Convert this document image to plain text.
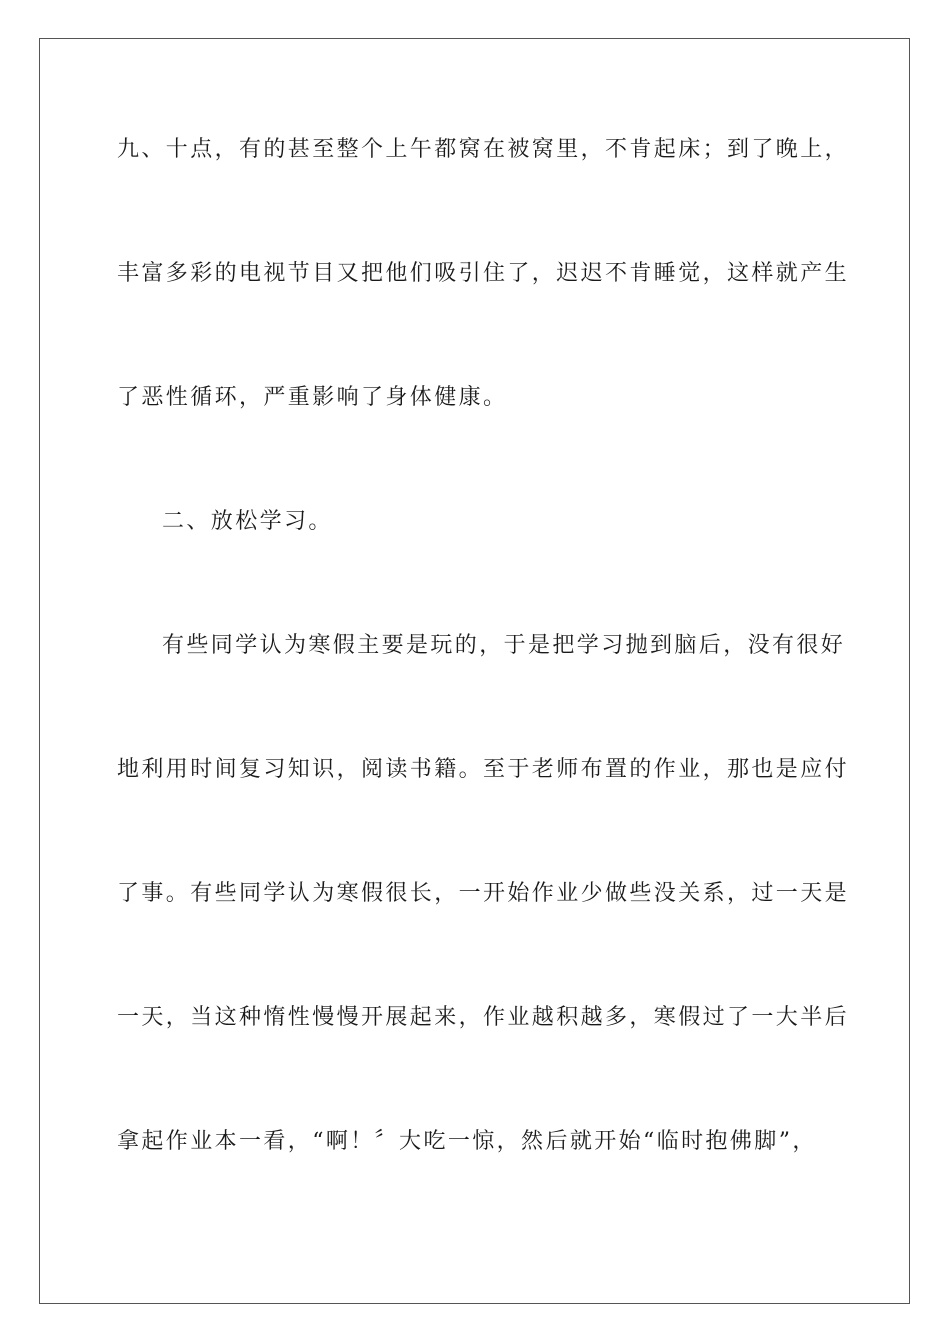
九、十点，有的甚至整个上午都窝在被窝里，不肯起床；到了晚上，
丰富多彩的电视节目又把他们吸引住了，迟迟不肯睡觉，这样就产生
了恶性循环，严重影响了身体健康。
二、放松学习。
有些同学认为寒假主要是玩的，于是把学习抛到脑后，没有很好
地利用时间复习知识，阅读书籍。至于老师布置的作业，那也是应付
了事。有些同学认为寒假很长，一开始作业少做些没关系，过一天是
一天，当这种惰性慢慢开展起来，作业越积越多，寒假过了一大半后
拿起作业本一看，“啊！〞大吃一惊，然后就开始“临时抱佛脚”，
